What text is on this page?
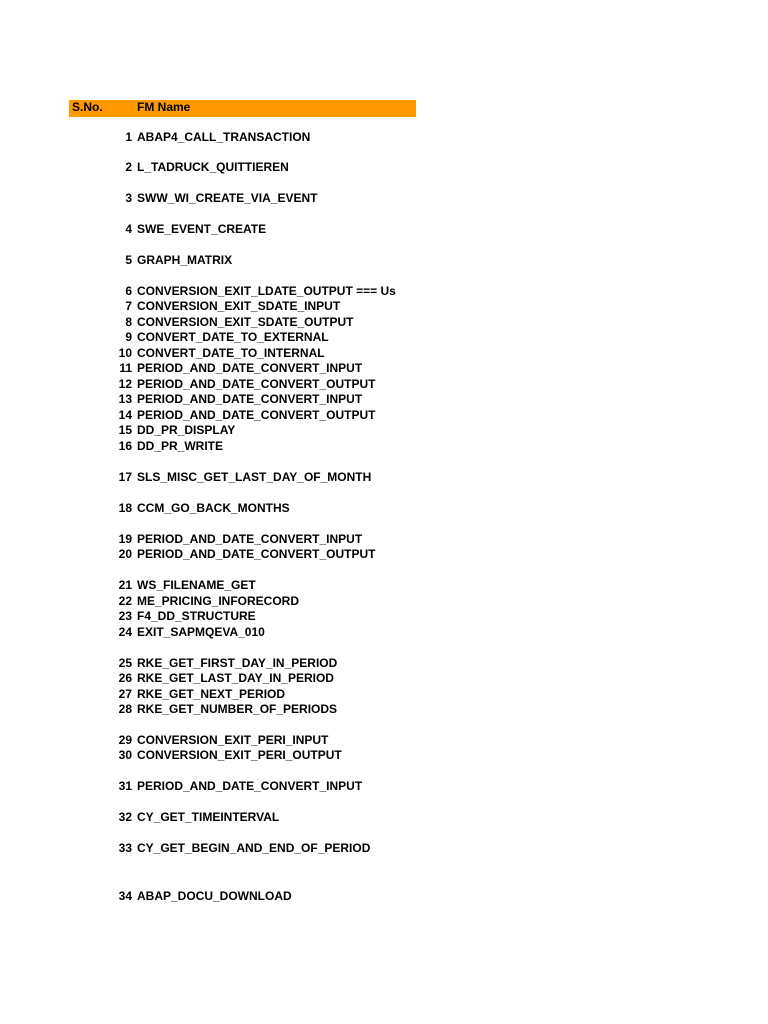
S.No.	FM Name
1 ABAP4_CALL_TRANSACTION
2 L_TADRUCK_QUITTIEREN
3 SWW_WI_CREATE_VIA_EVENT
4 SWE_EVENT_CREATE
5 GRAPH_MATRIX
6 CONVERSION_EXIT_LDATE_OUTPUT === Us
7 CONVERSION_EXIT_SDATE_INPUT
8 CONVERSION_EXIT_SDATE_OUTPUT
9 CONVERT_DATE_TO_EXTERNAL
10 CONVERT_DATE_TO_INTERNAL
11 PERIOD_AND_DATE_CONVERT_INPUT
12 PERIOD_AND_DATE_CONVERT_OUTPUT
13 PERIOD_AND_DATE_CONVERT_INPUT
14 PERIOD_AND_DATE_CONVERT_OUTPUT
15 DD_PR_DISPLAY
16 DD_PR_WRITE
17 SLS_MISC_GET_LAST_DAY_OF_MONTH
18 CCM_GO_BACK_MONTHS
19 PERIOD_AND_DATE_CONVERT_INPUT
20 PERIOD_AND_DATE_CONVERT_OUTPUT
21 WS_FILENAME_GET
22 ME_PRICING_INFORECORD
23 F4_DD_STRUCTURE
24 EXIT_SAPMQEVA_010
25 RKE_GET_FIRST_DAY_IN_PERIOD
26 RKE_GET_LAST_DAY_IN_PERIOD
27 RKE_GET_NEXT_PERIOD
28 RKE_GET_NUMBER_OF_PERIODS
29 CONVERSION_EXIT_PERI_INPUT
30 CONVERSION_EXIT_PERI_OUTPUT
31 PERIOD_AND_DATE_CONVERT_INPUT
32 CY_GET_TIMEINTERVAL
33 CY_GET_BEGIN_AND_END_OF_PERIOD
34 ABAP_DOCU_DOWNLOAD
